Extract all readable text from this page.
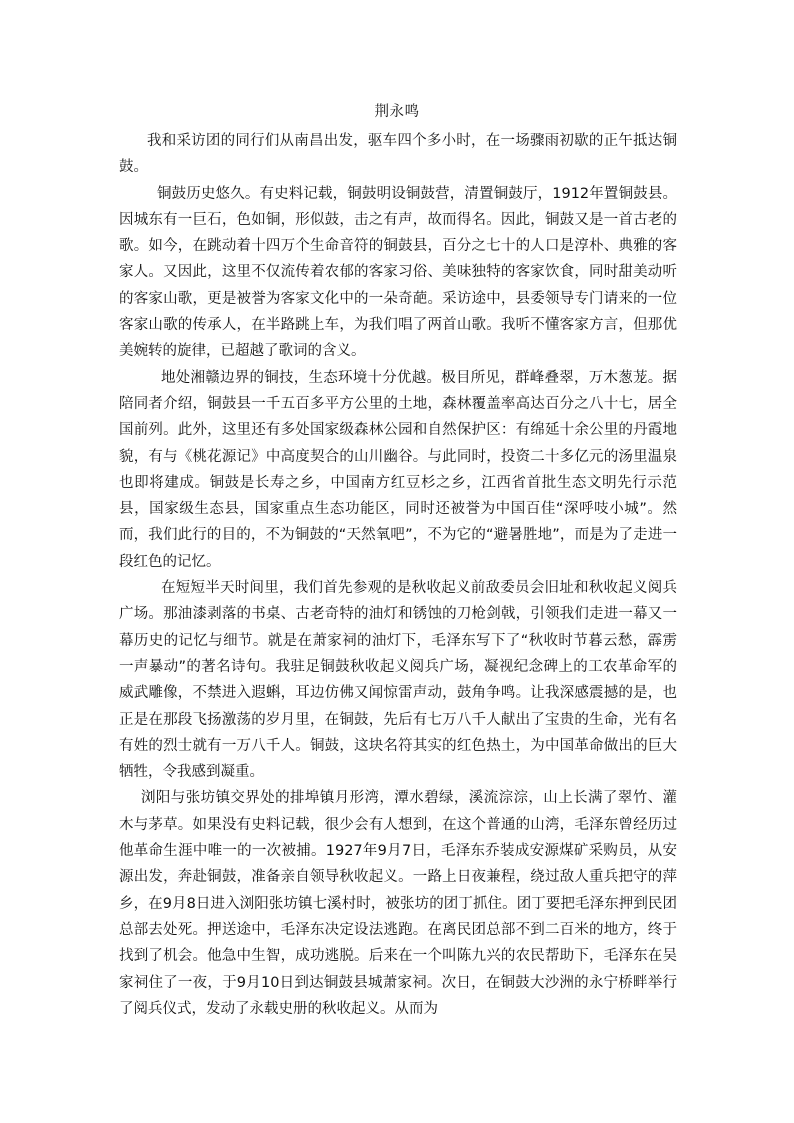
荆永鸣

我和采访团的同行们从南昌出发，驱车四个多小时，在一场骤雨初歇的正午抵达铜鼓。

铜鼓历史悠久。有史料记载，铜鼓明设铜鼓营，清置铜鼓厅，1912年置铜鼓县。因城东有一巨石，色如铜，形似鼓，击之有声，故而得名。因此，铜鼓又是一首古老的歌。如今，在跳动着十四万个生命音符的铜鼓县，百分之七十的人口是淳朴、典雅的客家人。又因此，这里不仅流传着农郁的客家习俗、美味独特的客家饮食，同时甜美动听的客家山歌，更是被誉为客家文化中的一朵奇葩。采访途中，县委领导专门请来的一位客家山歌的传承人，在半路跳上车，为我们唱了两首山歌。我听不懂客家方言，但那优美婉转的旋律，已超越了歌词的含义。

地处湘赣边界的铜技，生态环境十分优越。极目所见，群峰叠翠，万木葱茏。据陪同者介绍，铜鼓县一千五百多平方公里的土地，森林覆盖率高达百分之八十七，居全国前列。此外，这里还有多处国家级森林公园和自然保护区：有绵延十余公里的丹霞地貌，有与《桃花源记》中高度契合的山川幽谷。与此同时，投资二十多亿元的汤里温泉也即将建成。铜鼓是长寿之乡，中国南方红豆杉之乡，江西省首批生态文明先行示范县，国家级生态县，国家重点生态功能区，同时还被誉为中国百佳“深呼吱小城”。然而，我们此行的目的，不为铜鼓的“天然氧吧”，不为它的“避暑胜地”，而是为了走进一段红色的记忆。

在短短半天时间里，我们首先参观的是秋收起义前敌委员会旧址和秋收起义阅兵广场。那油漆剥落的书桌、古老奇特的油灯和锈蚀的刀枪剑戟，引领我们走进一幕又一幕历史的记忆与细节。就是在萧家祠的油灯下，毛泽东写下了“秋收时节暮云愁，霹雳一声暴动”的著名诗句。我驻足铜鼓秋收起义阅兵广场，凝视纪念碑上的工农革命军的威武雕像，不禁进入遐蝌，耳边仿佛又闻惊雷声动，鼓角争鸣。让我深感震撼的是，也正是在那段飞扬激荡的岁月里，在铜鼓，先后有七万八千人献出了宝贵的生命，光有名有姓的烈士就有一万八千人。铜鼓，这块名符其实的红色热土，为中国革命做出的巨大牺牲，令我感到凝重。

浏阳与张坊镇交界处的排埠镇月形湾，潭水碧绿，溪流淙淙，山上长满了翠竹、灌木与茅草。如果没有史料记载，很少会有人想到，在这个普通的山湾，毛泽东曾经历过他革命生涯中唯一的一次被捕。1927年9月7日，毛泽东乔装成安源煤矿采购员，从安源出发，奔赴铜鼓，准备亲自领导秋收起义。一路上日夜兼程，绕过敌人重兵把守的萍乡，在9月8日进入浏阳张坊镇七溪村时，被张坊的团丁抓住。团丁要把毛泽东押到民团总部去处死。押送途中，毛泽东决定设法逃跑。在离民团总部不到二百米的地方，终于找到了机会。他急中生智，成功逃脱。后来在一个叫陈九兴的农民帮助下，毛泽东在吴家祠住了一夜，于9月10日到达铜鼓县城萧家祠。次日，在铜鼓大沙洲的永宁桥畔举行了阅兵仪式，发动了永载史册的秋收起义。从而为
